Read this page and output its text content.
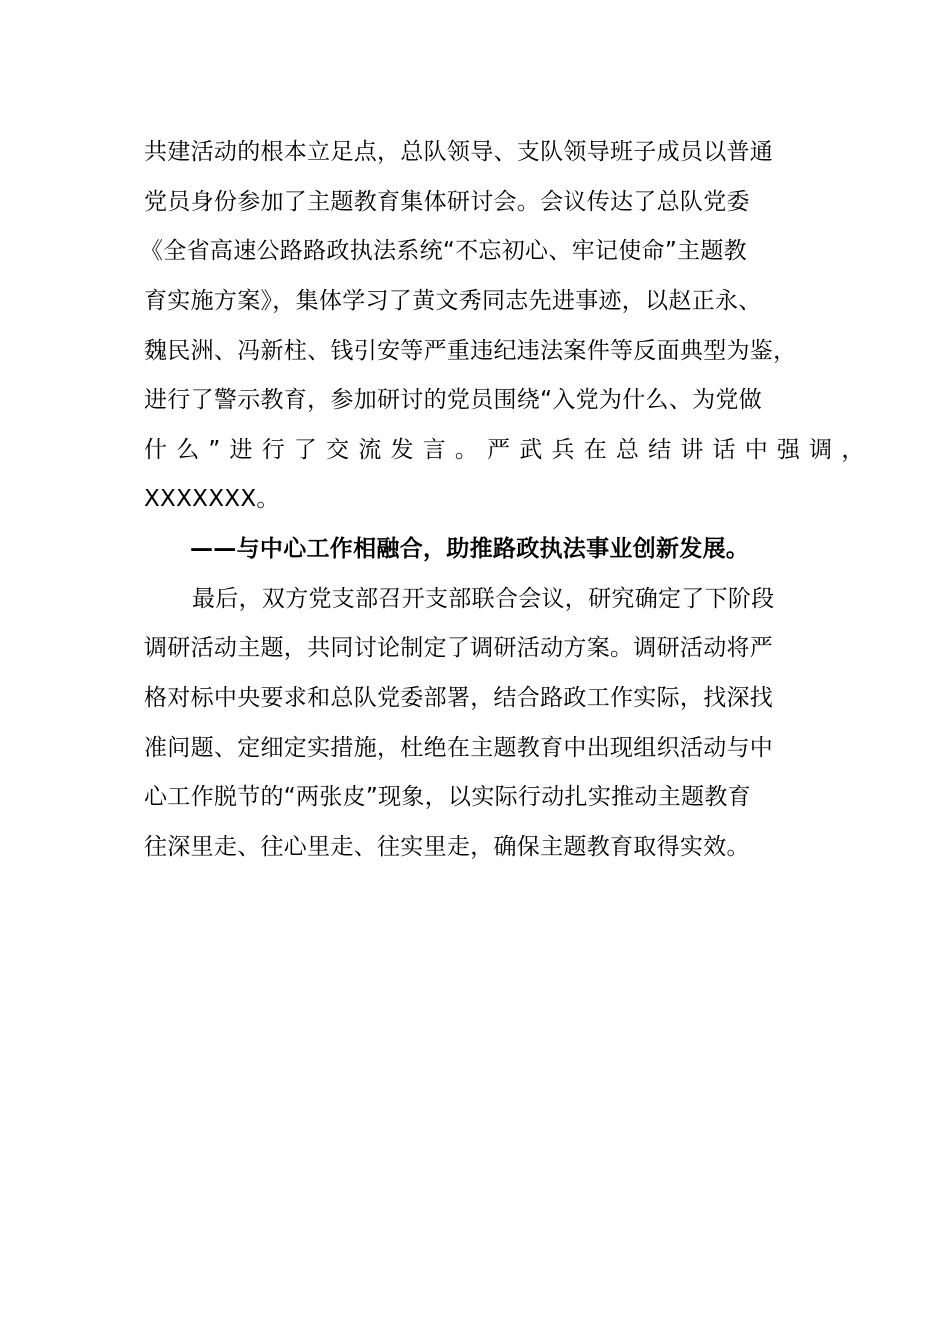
共建活动的根本立足点，总队领导、支队领导班子成员以普通
党员身份参加了主题教育集体研讨会。会议传达了总队党委
《全省高速公路路政执法系统“不忘初心、牢记使命”主题教
育实施方案》，集体学习了黄文秀同志先进事迹，以赵正永、
魏民洲、冯新柱、钱引安等严重违纪违法案件等反面典型为鉴，
进行了警示教育，参加研讨的党员围绕“入党为什么、为党做
什么”进行了交流发言。严武兵在总结讲话中强调，
XXXXXXX。
——与中心工作相融合，助推路政执法事业创新发展。
最后，双方党支部召开支部联合会议，研究确定了下阶段
调研活动主题，共同讨论制定了调研活动方案。调研活动将严
格对标中央要求和总队党委部署，结合路政工作实际，找深找
准问题、定细定实措施，杜绝在主题教育中出现组织活动与中
心工作脱节的“两张皮”现象，以实际行动扎实推动主题教育
往深里走、往心里走、往实里走，确保主题教育取得实效。
